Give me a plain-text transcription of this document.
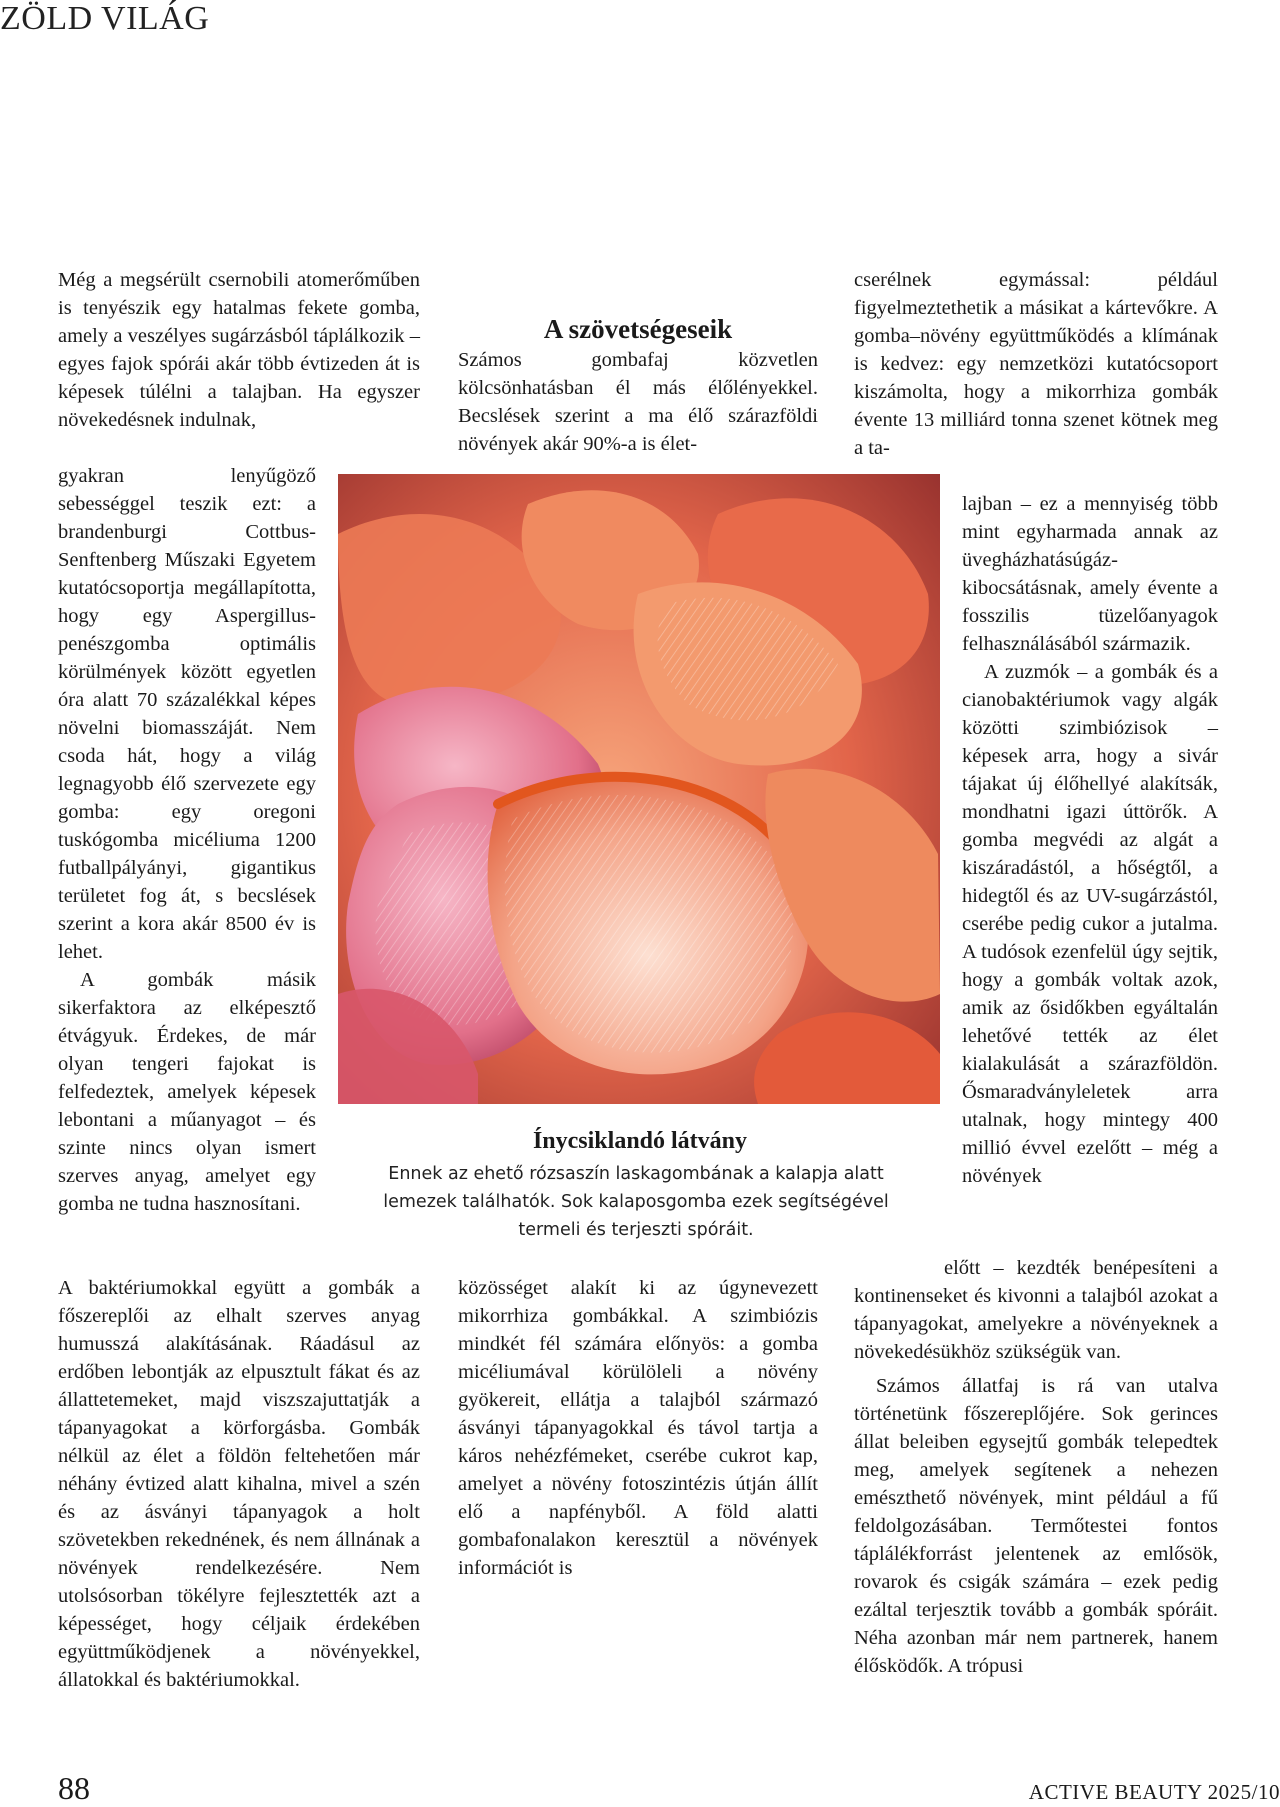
ZÖLD VILÁG

Még a megsérült csernobili atomerőműben is tenyészik egy hatalmas fekete gomba, amely a veszélyes sugárzásból táplálkozik – egyes fajok spórái akár több évtizeden át is képesek túlélni a talajban. Ha egyszer növekedésnek indulnak,

gyakran lenyűgöző sebességgel teszik ezt: a brandenburgi Cottbus-Senftenberg Műszaki Egyetem kutatócsoportja megállapította, hogy egy Aspergillus-penészgomba optimális körülmények között egyetlen óra alatt 70 százalékkal képes növelni biomasszáját. Nem csoda hát, hogy a világ legnagyobb élő szervezete egy gomba: egy oregoni tuskógomba micéliuma 1200 futballpályányi, gigantikus területet fog át, s becslések szerint a kora akár 8500 év is lehet.

A gombák másik sikerfaktora az elképesztő étvágyuk. Érdekes, de már olyan tengeri fajokat is felfedeztek, amelyek képesek lebontani a műanyagot – és szinte nincs olyan ismert szerves anyag, amelyet egy gomba ne tudna hasznosítani.

A baktériumokkal együtt a gombák a főszereplői az elhalt szerves anyag humusszá alakításának. Ráadásul az erdőben lebontják az elpusztult fákat és az állattetemeket, majd viszszajuttatják a tápanyagokat a körforgásba. Gombák nélkül az élet a földön feltehetően már néhány évtized alatt kihalna, mivel a szén és az ásványi tápanyagok a holt szövetekben rekednének, és nem állnának a növények rendelkezésére. Nem utolsósorban tökélyre fejlesztették azt a képességet, hogy céljaik érdekében együttműködjenek a növényekkel, állatokkal és baktériumokkal.

A szövetségeseik

Számos gombafaj közvetlen kölcsönhatásban él más élőlényekkel. Becslések szerint a ma élő szárazföldi növények akár 90%-a is élet-

közösséget alakít ki az úgynevezett mikorrhiza gombákkal. A szimbiózis mindkét fél számára előnyös: a gomba micéliumával körülöleli a növény gyökereit, ellátja a talajból származó ásványi tápanyagokkal és távol tartja a káros nehézfémeket, cserébe cukrot kap, amelyet a növény fotoszintézis útján állít elő a napfényből. A föld alatti gombafonalakon keresztül a növények információt is

cserélnek egymással: például figyelmeztethetik a másikat a kártevőkre. A gomba–növény együttműködés a klímának is kedvez: egy nemzetközi kutatócsoport kiszámolta, hogy a mikorrhiza gombák évente 13 milliárd tonna szenet kötnek meg a ta-

lajban – ez a mennyiség több mint egyharmada annak az üvegházhatásúgáz-kibocsátásnak, amely évente a fosszilis tüzelőanyagok felhasználásából származik.

A zuzmók – a gombák és a cianobaktériumok vagy algák közötti szimbiózisok – képesek arra, hogy a sivár tájakat új élőhellyé alakítsák, mondhatni igazi úttörők. A gomba megvédi az algát a kiszáradástól, a hőségtől, a hidegtől és az UV-sugárzástól, cserébe pedig cukor a jutalma. A tudósok ezenfelül úgy sejtik, hogy a gombák voltak azok, amik az ősidőkben egyáltalán lehetővé tették az élet kialakulását a szárazföldön. Ősmaradványleletek arra utalnak, hogy mintegy 400 millió évvel ezelőtt – még a növények

előtt – kezdték benépesíteni a kontinenseket és kivonni a talajból azokat a tápanyagokat, amelyekre a növényeknek a növekedésükhöz szükségük van.

Számos állatfaj is rá van utalva történetünk főszereplőjére. Sok gerinces állat beleiben egysejtű gombák telepedtek meg, amelyek segítenek a nehezen emészthető növények, mint például a fű feldolgozásában. Termőtestei fontos táplálékforrást jelentenek az emlősök, rovarok és csigák számára – ezek pedig ezáltal terjesztik tovább a gombák spóráit. Néha azonban már nem partnerek, hanem élősködők. A trópusi

Ínycsiklandó látvány
Ennek az ehető rózsaszín laskagombának a kalapja alatt lemezek találhatók. Sok kalaposgomba ezek segítségével termeli és terjeszti spóráit.
88	ACTIVE BEAUTY 2025/10
